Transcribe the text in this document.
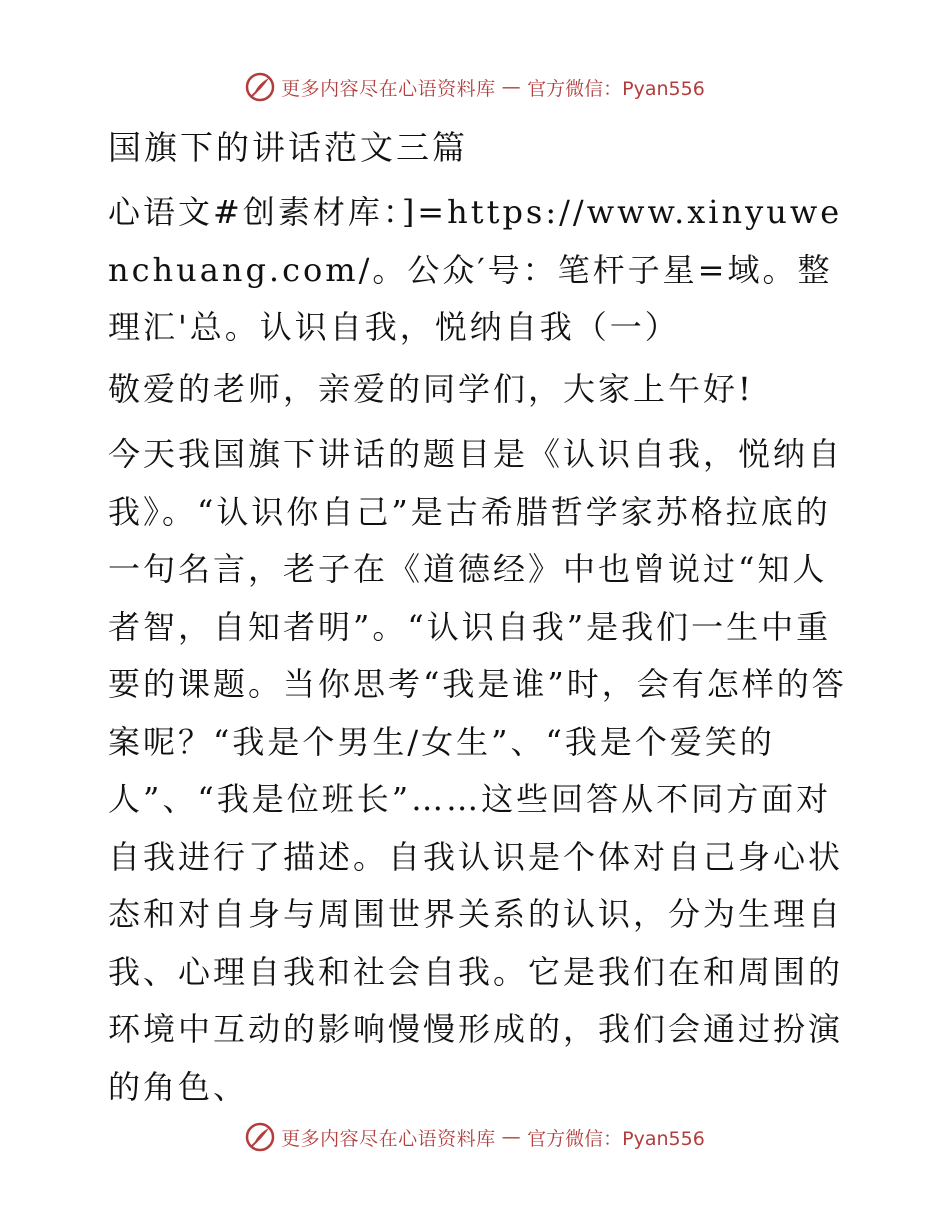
更多内容尽在心语资料库 — 官方微信：Pyan556
国旗下的讲话范文三篇

心语文#创素材库：]=https://www.xinyuwenchuang.com/。公众′号：笔杆子星=域。整理汇'总。认识自我，悦纳自我（一）

敬爱的老师，亲爱的同学们，大家上午好!

今天我国旗下讲话的题目是《认识自我，悦纳自我》。“认识你自己”是古希腊哲学家苏格拉底的一句名言，老子在《道德经》中也曾说过“知人者智，自知者明”。“认识自我”是我们一生中重要的课题。当你思考“我是谁”时，会有怎样的答案呢？“我是个男生/女生”、“我是个爱笑的人”、“我是位班长”……这些回答从不同方面对自我进行了描述。自我认识是个体对自己身心状态和对自身与周围世界关系的认识，分为生理自我、心理自我和社会自我。它是我们在和周围的环境中互动的影响慢慢形成的，我们会通过扮演的角色、

更多内容尽在心语资料库 — 官方微信：Pyan556
